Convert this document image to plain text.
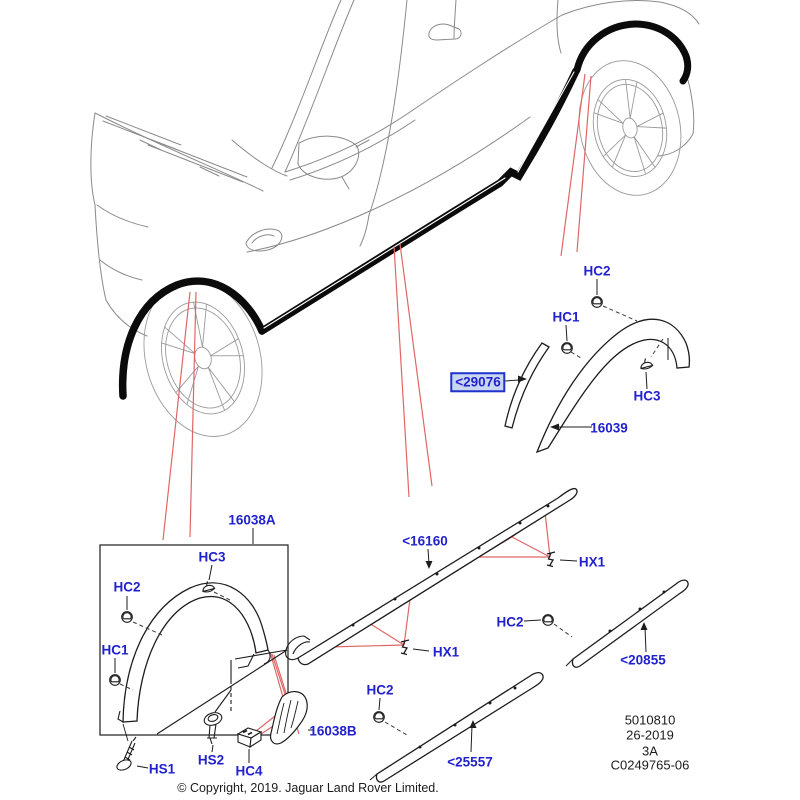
HC2
HC1
<29076
HC3
16039
16038A
HC3
HC2
HC1
HS1
HS2
HC4
16038B
<16160
HX1
HX1
HC2
<20855
HC2
<25557
5010810
26-2019
3A
C0249765-06
© Copyright, 2019. Jaguar Land Rover Limited.
